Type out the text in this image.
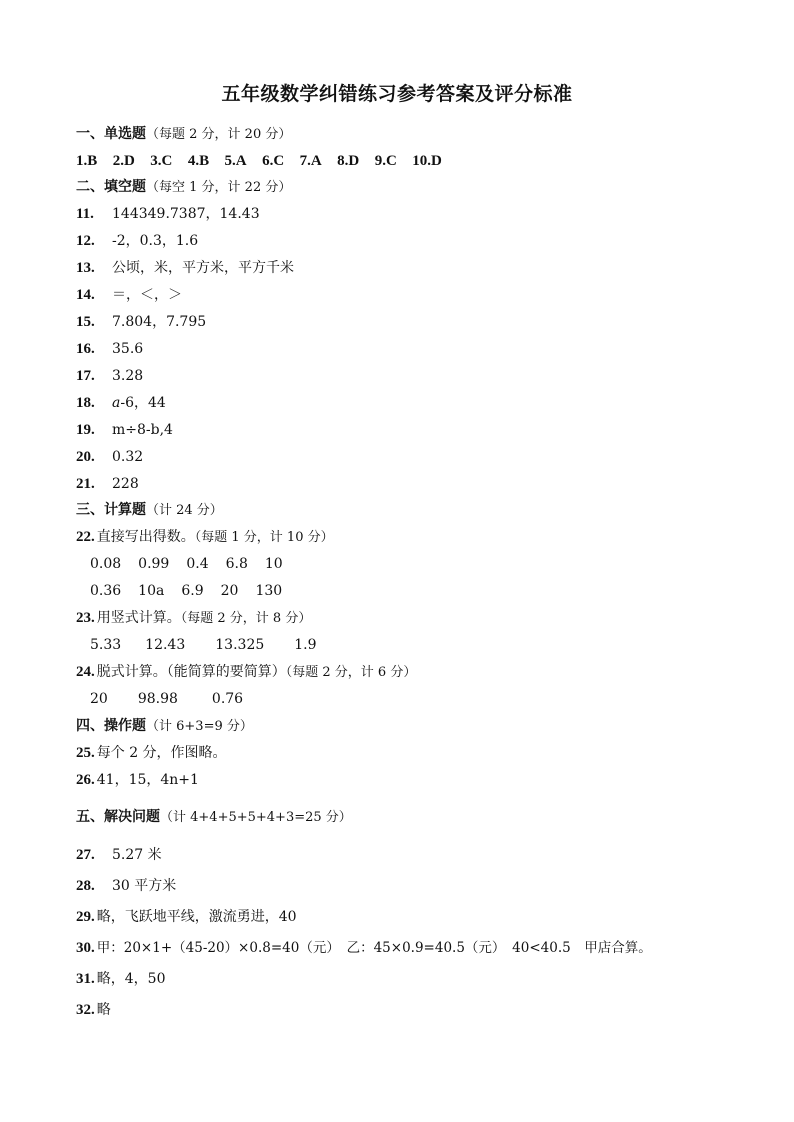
五年级数学纠错练习参考答案及评分标准
一、单选题（每题 2 分，计 20 分）
1.B 2.D 3.C 4.B 5.A 6.C 7.A 8.D 9.C 10.D
二、填空题（每空 1 分，计 22 分）
11. 144349.7387，14.43
12. -2，0.3，1.6
13. 公顷，米，平方米，平方千米
14. ＝，＜，＞
15. 7.804，7.795
16. 35.6
17. 3.28
18. a-6，44
19. m÷8-b,4
20. 0.32
21. 228
三、计算题（计 24 分）
22. 直接写出得数。（每题 1 分，计 10 分）
0.08 0.99 0.4 6.8 10
0.36 10a 6.9 20 130
23. 用竖式计算。（每题 2 分，计 8 分）
5.33 12.43 13.325 1.9
24. 脱式计算。（能简算的要简算）（每题 2 分，计 6 分）
20 98.98 0.76
四、操作题（计 6+3=9 分）
25. 每个 2 分，作图略。
26. 41，15，4n+1
五、解决问题（计 4+4+5+5+4+3=25 分）
27. 5.27 米
28. 30 平方米
29. 略，飞跃地平线，激流勇进，40
30. 甲：20×1+（45-20）×0.8=40（元）　乙：45×0.9=40.5（元）　40<40.5　甲店合算。
31. 略，4，50
32. 略
